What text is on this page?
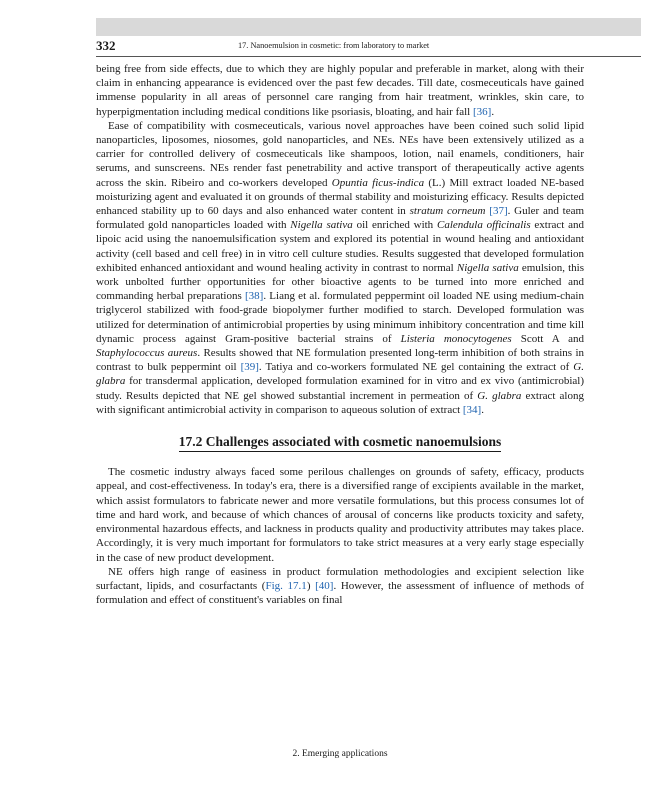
332	17. Nanoemulsion in cosmetic: from laboratory to market

being free from side effects, due to which they are highly popular and preferable in market, along with their claim in enhancing appearance is evidenced over the past few decades. Till date, cosmeceuticals have gained immense popularity in all areas of personnel care ranging from hair treatment, wrinkles, skin care, to hyperpigmentation including medical conditions like psoriasis, bloating, and hair fall [36].

Ease of compatibility with cosmeceuticals, various novel approaches have been coined such solid lipid nanoparticles, liposomes, niosomes, gold nanoparticles, and NEs. NEs have been extensively utilized as a carrier for controlled delivery of cosmeceuticals like shampoos, lotion, nail enamels, conditioners, hair serums, and sunscreens. NEs render fast penetrability and active transport of therapeutically active agents across the skin. Ribeiro and co-workers developed Opuntia ficus-indica (L.) Mill extract loaded NE-based moisturizing agent and evaluated it on grounds of thermal stability and moisturizing efficacy. Results depicted enhanced stability up to 60 days and also enhanced water content in stratum corneum [37]. Guler and team formulated gold nanoparticles loaded with Nigella sativa oil enriched with Calendula officinalis extract and lipoic acid using the nanoemulsification system and explored its potential in wound healing and antioxidant activity (cell based and cell free) in in vitro cell culture studies. Results suggested that developed formulation exhibited enhanced antioxidant and wound healing activity in contrast to normal Nigella sativa emulsion, this work unbolted further opportunities for other bioactive agents to be turned into more enriched and commanding herbal preparations [38]. Liang et al. formulated peppermint oil loaded NE using medium-chain triglycerol stabilized with food-grade biopolymer further modified to starch. Developed formulation was utilized for determination of antimicrobial properties by using minimum inhibitory concentration and time kill dynamic process against Gram-positive bacterial strains of Listeria monocytogenes Scott A and Staphylococcus aureus. Results showed that NE formulation presented long-term inhibition of both strains in contrast to bulk peppermint oil [39]. Tatiya and co-workers formulated NE gel containing the extract of G. glabra for transdermal application, developed formulation examined for in vitro and ex vivo (antimicrobial) study. Results depicted that NE gel showed substantial increment in permeation of G. glabra extract along with significant antimicrobial activity in comparison to aqueous solution of extract [34].

17.2 Challenges associated with cosmetic nanoemulsions

The cosmetic industry always faced some perilous challenges on grounds of safety, efficacy, products appeal, and cost-effectiveness. In today's era, there is a diversified range of excipients available in the market, which assist formulators to fabricate newer and more versatile formulations, but this process consumes lot of time and hard work, and because of which chances of arousal of concerns like products toxicity and safety, environmental hazardous effects, and lackness in products quality and productivity attributes may takes place. Accordingly, it is very much important for formulators to take strict measures at a very early stage especially in the case of new product development.

NE offers high range of easiness in product formulation methodologies and excipient selection like surfactant, lipids, and cosurfactants (Fig. 17.1) [40]. However, the assessment of influence of methods of formulation and effect of constituent's variables on final

2. Emerging applications
